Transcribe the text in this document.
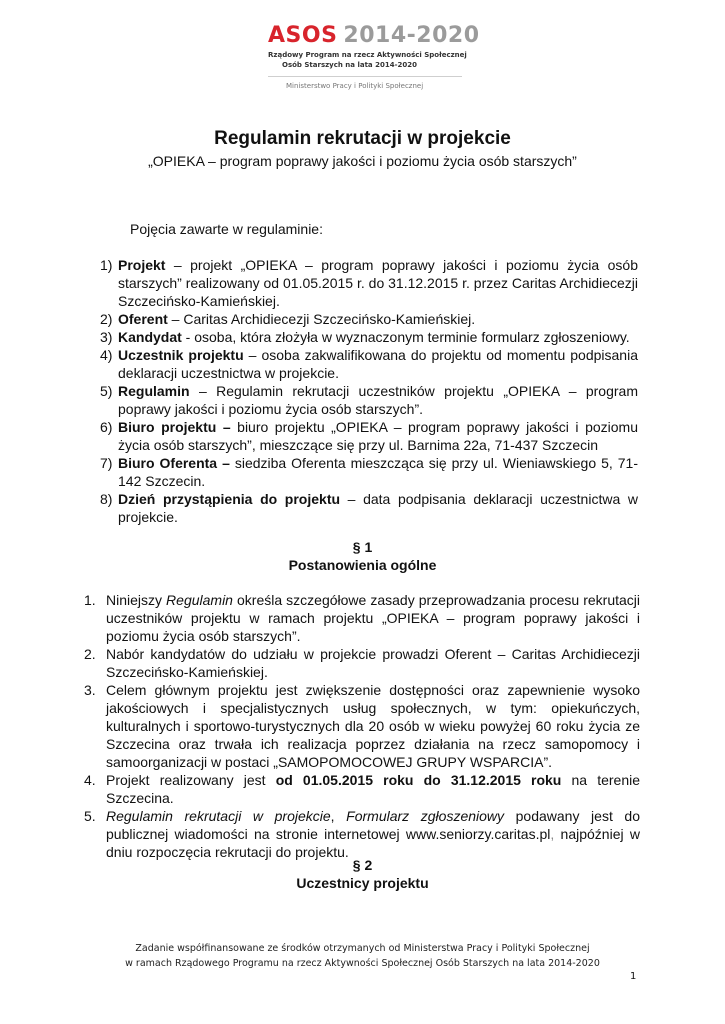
ASOS 2014-2020
Rządowy Program na rzecz Aktywności Społecznej
Osób Starszych na lata 2014-2020
Ministerstwo Pracy i Polityki Społecznej
Regulamin rekrutacji w projekcie
„OPIEKA – program poprawy jakości i poziomu życia osób starszych”
Pojęcia zawarte w regulaminie:
1) Projekt – projekt „OPIEKA – program poprawy jakości i poziomu życia osób starszych” realizowany od 01.05.2015 r. do 31.12.2015 r. przez Caritas Archidiecezji Szczecińsko-Kamieńskiej.
2) Oferent – Caritas Archidiecezji Szczecińsko-Kamieńskiej.
3) Kandydat - osoba, która złożyła w wyznaczonym terminie formularz zgłoszeniowy.
4) Uczestnik projektu – osoba zakwalifikowana do projektu od momentu podpisania deklaracji uczestnictwa w projekcie.
5) Regulamin – Regulamin rekrutacji uczestników projektu „OPIEKA – program poprawy jakości i poziomu życia osób starszych”.
6) Biuro projektu – biuro projektu „OPIEKA – program poprawy jakości i poziomu życia osób starszych”, mieszczące się przy ul. Barnima 22a, 71-437 Szczecin
7) Biuro Oferenta – siedziba Oferenta mieszcząca się przy ul. Wieniawskiego 5, 71-142 Szczecin.
8) Dzień przystąpienia do projektu – data podpisania deklaracji uczestnictwa w projekcie.
§ 1
Postanowienia ogólne
1. Niniejszy Regulamin określa szczegółowe zasady przeprowadzania procesu rekrutacji uczestników projektu w ramach projektu „OPIEKA – program poprawy jakości i poziomu życia osób starszych”.
2. Nabór kandydatów do udziału w projekcie prowadzi Oferent – Caritas Archidiecezji Szczecińsko-Kamieńskiej.
3. Celem głównym projektu jest zwiększenie dostępności oraz zapewnienie wysoko jakościowych i specjalistycznych usług społecznych, w tym: opiekuńczych, kulturalnych i sportowo-turystycznych dla 20 osób w wieku powyżej 60 roku życia ze Szczecina oraz trwała ich realizacja poprzez działania na rzecz samopomocy i samoorganizacji w postaci „SAMOPOMOCOWEJ GRUPY WSPARCIA”.
4. Projekt realizowany jest od 01.05.2015 roku do 31.12.2015 roku na terenie Szczecina.
5. Regulamin rekrutacji w projekcie, Formularz zgłoszeniowy podawany jest do publicznej wiadomości na stronie internetowej www.seniorzy.caritas.pl, najpóźniej w dniu rozpoczęcia rekrutacji do projektu.
§ 2
Uczestnicy projektu
Zadanie współfinansowane ze środków otrzymanych od Ministerstwa Pracy i Polityki Społecznej
w ramach Rządowego Programu na rzecz Aktywności Społecznej Osób Starszych na lata 2014-2020
1
